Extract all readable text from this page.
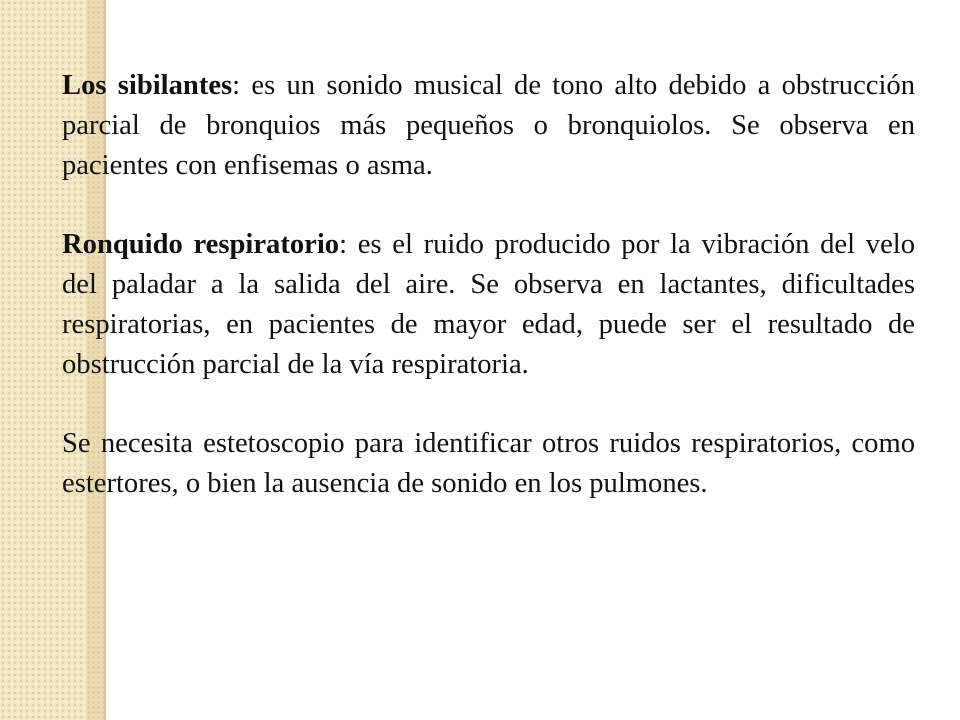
Los sibilantes: es un sonido musical de tono alto debido a obstrucción parcial de bronquios más pequeños o bronquiolos. Se observa en pacientes con enfisemas o asma.

Ronquido respiratorio: es el ruido producido por la vibración del velo del paladar a la salida del aire. Se observa en lactantes, dificultades respiratorias, en pacientes de mayor edad, puede ser el resultado de obstrucción parcial de la vía respiratoria.

Se necesita estetoscopio para identificar otros ruidos respiratorios, como estertores, o bien la ausencia de sonido en los pulmones.
